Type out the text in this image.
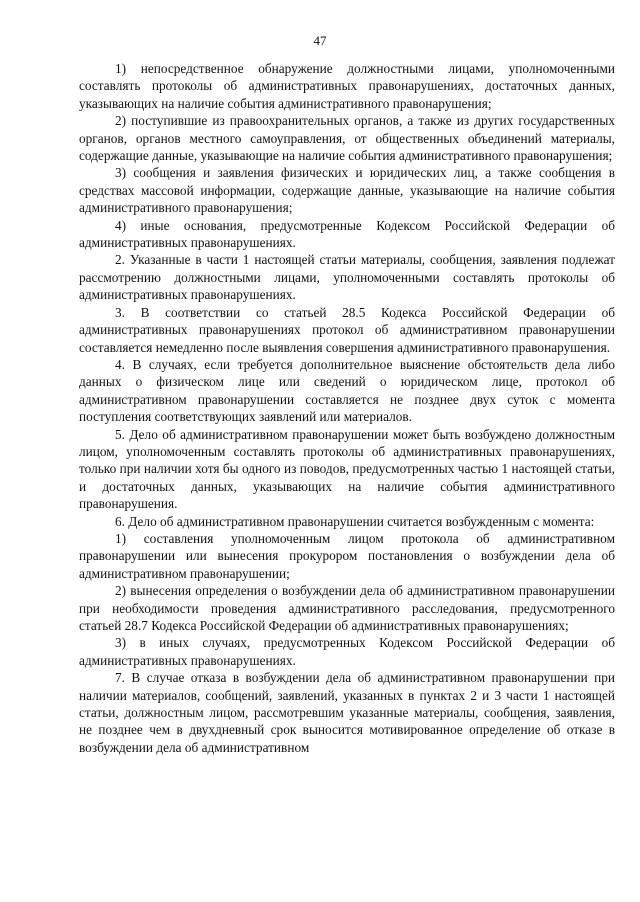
47

1) непосредственное обнаружение должностными лицами, уполномоченными составлять протоколы об административных правонарушениях, достаточных данных, указывающих на наличие события административного правонарушения;

2) поступившие из правоохранительных органов, а также из других государственных органов, органов местного самоуправления, от общественных объединений материалы, содержащие данные, указывающие на наличие события административного правонарушения;

3) сообщения и заявления физических и юридических лиц, а также сообщения в средствах массовой информации, содержащие данные, указывающие на наличие события административного правонарушения;

4) иные основания, предусмотренные Кодексом Российской Федерации об административных правонарушениях.

2. Указанные в части 1 настоящей статьи материалы, сообщения, заявления подлежат рассмотрению должностными лицами, уполномоченными составлять протоколы об административных правонарушениях.

3. В соответствии со статьей 28.5 Кодекса Российской Федерации об административных правонарушениях протокол об административном правонарушении составляется немедленно после выявления совершения административного правонарушения.

4. В случаях, если требуется дополнительное выяснение обстоятельств дела либо данных о физическом лице или сведений о юридическом лице, протокол об административном правонарушении составляется не позднее двух суток с момента поступления соответствующих заявлений или материалов.

5. Дело об административном правонарушении может быть возбуждено должностным лицом, уполномоченным составлять протоколы об административных правонарушениях, только при наличии хотя бы одного из поводов, предусмотренных частью 1 настоящей статьи, и достаточных данных, указывающих на наличие события административного правонарушения.

6. Дело об административном правонарушении считается возбужденным с момента:

1) составления уполномоченным лицом протокола об административном правонарушении или вынесения прокурором постановления о возбуждении дела об административном правонарушении;

2) вынесения определения о возбуждении дела об административном правонарушении при необходимости проведения административного расследования, предусмотренного статьей 28.7 Кодекса Российской Федерации об административных правонарушениях;

3) в иных случаях, предусмотренных Кодексом Российской Федерации об административных правонарушениях.

7. В случае отказа в возбуждении дела об административном правонарушении при наличии материалов, сообщений, заявлений, указанных в пунктах 2 и 3 части 1 настоящей статьи, должностным лицом, рассмотревшим указанные материалы, сообщения, заявления, не позднее чем в двухдневный срок выносится мотивированное определение об отказе в возбуждении дела об административном
